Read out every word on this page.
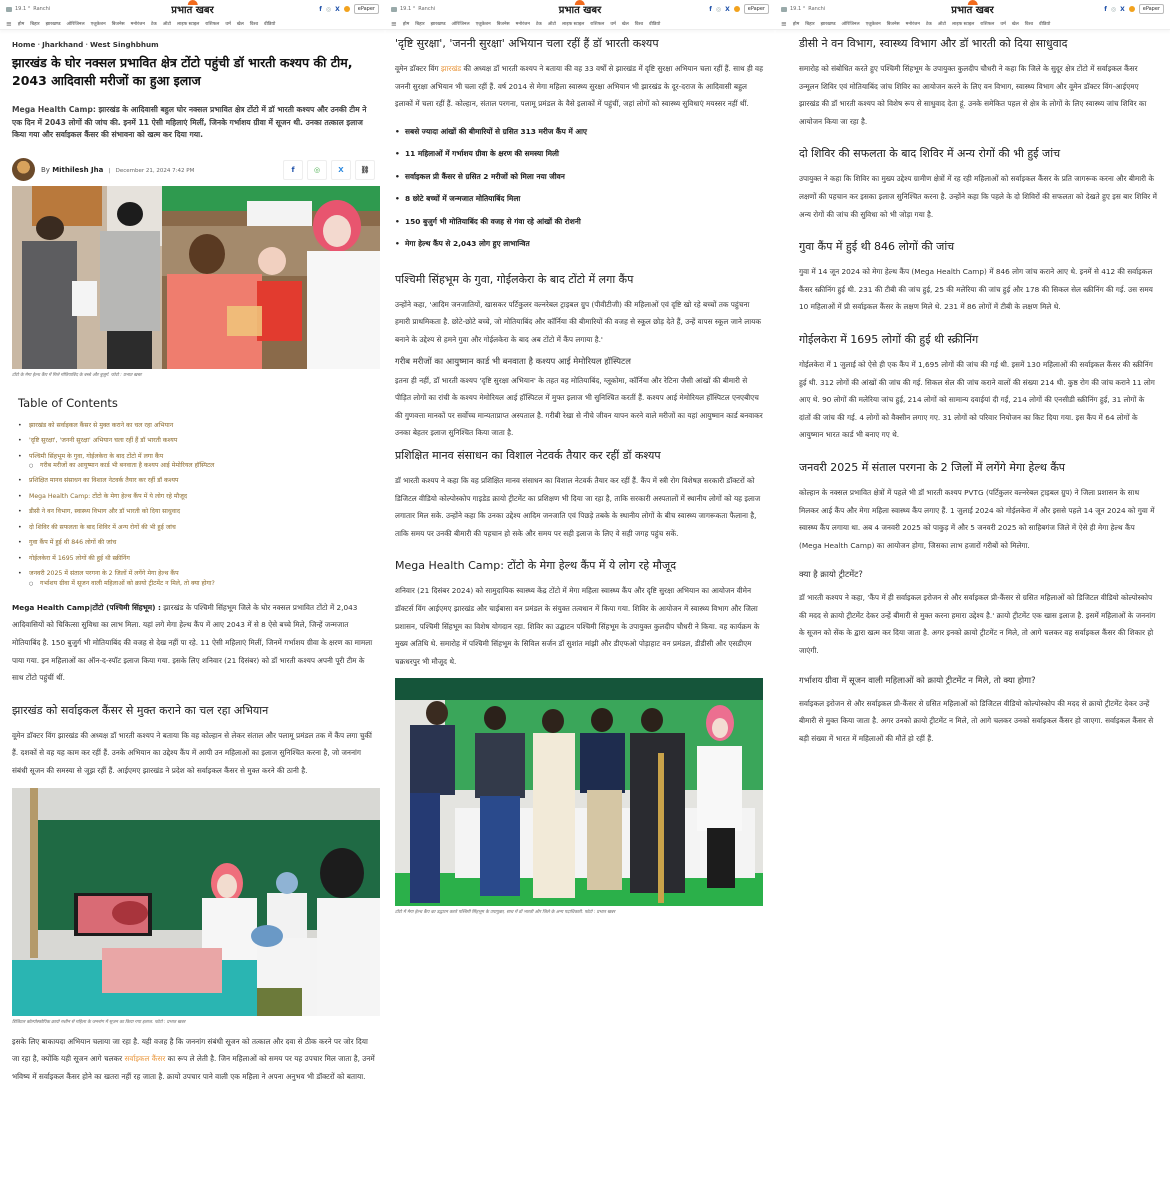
19.1 ° Ranchi	प्रभात खबर	f ◎ X	ePaper
≡ होम बिहार झारखण्ड ओरिजिनल एजुकेशन बिजनेस मनोरंजन टेक ऑटो लाइफ स्टाइल राशिफल धर्म खेल विश्व वीडियो
Home · Jharkhand · West Singhbhum
झारखंड के घोर नक्सल प्रभावित क्षेत्र टोंटो पहुंची डॉ भारती कश्यप की टीम, 2043 आदिवासी मरीजों का हुआ इलाज

Mega Health Camp: झारखंड के आदिवासी बहुल घोर नक्सल प्रभावित क्षेत्र टोंटो में डॉ भारती कश्यप और उनकी टीम ने एक दिन में 2043 लोगों की जांच की. इनमें 11 ऐसी महिलाएं मिलीं, जिनके गर्भाशय ग्रीवा में सूजन थी. उनका तत्काल इलाज किया गया और सर्वाइकल कैंसर की संभावना को खत्म कर दिया गया.

By Mithilesh Jha | December 21, 2024 7:42 PM	f	◎	X ⛓
टोंटो के मेगा हेल्थ कैंप में मिले मोतियाबिंद के बच्चे और बुजुर्ग. फोटो : प्रभात खबर
Table of Contents
• झारखंड को सर्वाइकल कैंसर से मुक्त कराने का चल रहा अभियान
• 'दृष्टि सुरक्षा', 'जननी सुरक्षा' अभियान चला रहीं हैं डॉ भारती कश्यप
• पश्चिमी सिंहभूम के गुवा, गोईलकेरा के बाद टोंटो में लगा कैंप
○ गरीब मरीजों का आयुष्मान कार्ड भी बनवाता है कश्यप आई मेमोरियल हॉस्पिटल
• प्रशिक्षित मानव संसाधन का विशाल नेटवर्क तैयार कर रहीं डॉ कश्यप
• Mega Health Camp: टोंटो के मेगा हेल्थ कैंप में ये लोग रहे मौजूद
• डीसी ने वन विभाग, स्वास्थ्य विभाग और डॉ भारती को दिया साधुवाद
• दो शिविर की सफलता के बाद शिविर में अन्य रोगों की भी हुई जांच
• गुवा कैंप में हुई थी 846 लोगों की जांच
• गोईलकेरा में 1695 लोगों की हुई थी स्क्रीनिंग
• जनवरी 2025 में संताल परगना के 2 जिलों में लगेंगे मेगा हेल्थ कैंप
○ गर्भाशय ग्रीवा में सूजन वाली महिलाओं को क्रायो ट्रीटमेंट न मिले, तो क्या होगा?

Mega Health Camp|टोंटो (पश्चिमी सिंहभूम) : झारखंड के पश्चिमी सिंहभूम जिले के घोर नक्सल प्रभावित टोंटो में 2,043 आदिवासियों को चिकित्सा सुविधा का लाभ मिला. यहां लगे मेगा हेल्थ कैंप में आए 2043 में से 8 ऐसे बच्चे मिले, जिन्हें जन्मजात मोतियाबिंद है. 150 बुजुर्ग भी मोतियाबिंद की वजह से देख नहीं पा रहे. 11 ऐसी महिलाएं मिलीं, जिनमें गर्भाशय ग्रीवा के क्षरण का मामला पाया गया. इन महिलाओं का ऑन-द-स्पॉट इलाज किया गया. इसके लिए शनिवार (21 दिसंबर) को डॉ भारती कश्यप अपनी पूरी टीम के साथ टोंटो पहुंचीं थीं.

झारखंड को सर्वाइकल कैंसर से मुक्त कराने का चल रहा अभियान

वूमेन डॉक्टर विंग झारखंड की अध्यक्ष डॉ भारती कश्यप ने बताया कि वह कोल्हान से लेकर संताल और पलामू प्रमंडल तक में कैंप लगा चुकीं हैं. दशकों से वह यह काम कर रहीं हैं. उनके अभियान का उद्देश्य कैंप में आयी उन महिलाओं का इलाज सुनिश्चित करना है, जो जननांग संबंधी सूजन की समस्या से जूझ रहीं हैं. आईएमए झारखंड ने प्रदेश को सर्वाइकल कैंसर से मुक्त करने की ठानी है.

डिजिटल कोल्पोस्कोपिक क्रायो मशीन से महिला के जननांग में सूजन का किया गया इलाज. फोटो : प्रभात खबर

इसके लिए बाकायदा अभियान चलाया जा रहा है. यही वजह है कि जननांग संबंधी सूजन को तत्काल और दवा से ठीक करने पर जोर दिया जा रहा है, क्योंकि यही सूजन आगे चलकर सर्वाइकल कैंसर का रूप ले लेती है. जिन महिलाओं को समय पर यह उपचार मिल जाता है, उनमें भविष्य में सर्वाइकल कैंसर होने का खतरा नहीं रह जाता है. क्रायो उपचार पाने वाली एक महिला ने अपना अनुभव भी डॉक्टरों को बताया.

19.1 ° Ranchi	प्रभात खबर	f ◎ X	ePaper
≡ होम बिहार झारखण्ड ओरिजिनल एजुकेशन बिजनेस मनोरंजन टेक ऑटो लाइफ स्टाइल राशिफल धर्म खेल विश्व वीडियो
'दृष्टि सुरक्षा', 'जननी सुरक्षा' अभियान चला रहीं हैं डॉ भारती कश्यप

वूमेन डॉक्टर विंग झारखंड की अध्यक्ष डॉ भारती कश्यप ने बताया की वह 33 वर्षों से झारखंड में दृष्टि सुरक्षा अभियान चला रहीं हैं. साथ ही वह जननी सुरक्षा अभियान भी चला रहीं हैं. वर्ष 2014 से मेगा महिला स्वास्थ्य सुरक्षा अभियान भी झारखंड के दूर-दराज के आदिवासी बहुल इलाकों में चला रहीं हैं. कोल्हान, संताल परगना, पलामू प्रमंडल के वैसे इलाकों में पहुंचीं, जहां लोगों को स्वास्थ्य सुविधाएं मयस्सर नहीं थीं.

• सबसे ज्यादा आंखों की बीमारियों से ग्रसित 313 मरीज कैंप में आए
• 11 महिलाओं में गर्भाशय ग्रीवा के क्षरण की समस्या मिली
• सर्वाइकल प्री कैंसर से ग्रसित 2 मरीजों को मिला नया जीवन
• 8 छोटे बच्चों में जन्मजात मोतियाबिंद मिला
• 150 बुजुर्ग भी मोतियाबिंद की वजह से गंवा रहे आंखों की रोशनी
• मेगा हेल्थ कैंप से 2,043 लोग हुए लाभान्वित
पश्चिमी सिंहभूम के गुवा, गोईलकेरा के बाद टोंटो में लगा कैंप

उन्होंने कहा, 'आदिम जनजातियों, खासकर पर्टिकुलर वल्नरेबल ट्राइबल ग्रुप (पीवीटीजी) की महिलाओं एवं दृष्टि खो रहे बच्चों तक पहुंचना हमारी प्राथमिकता है. छोटे-छोटे बच्चे, जो मोतियाबिंद और कॉर्निया की बीमारियों की वजह से स्कूल छोड़ देते हैं, उन्हें वापस स्कूल जाने लायक बनाने के उद्देश्य से हमने गुवा और गोईलकेरा के बाद अब टोंटो में कैंप लगाया है.'

गरीब मरीजों का आयुष्मान कार्ड भी बनवाता है कश्यप आई मेमोरियल हॉस्पिटल

इतना ही नहीं, डॉ भारती कश्यप 'दृष्टि सुरक्षा अभियान' के तहत वह मोतियाबिंद, ग्लूकोमा, कॉर्निया और रेटिना जैसी आंखों की बीमारी से पीड़ित लोगों का रांची के कश्यप मेमोरियल आई हॉस्पिटल में मुफ्त इलाज भी सुनिश्चित करतीं हैं. कश्यप आई मेमोरियल हॉस्पिटल एनएबीएच की गुणवत्ता मानकों पर सर्वोच्च मान्यताप्राप्त अस्पताल है. गरीबी रेखा से नीचे जीवन यापन करने वाले मरीजों का यहां आयुष्मान कार्ड बनवाकर उनका बेहतर इलाज सुनिश्चित किया जाता है.

प्रशिक्षित मानव संसाधन का विशाल नेटवर्क तैयार कर रहीं डॉ कश्यप

डॉ भारती कश्यप ने कहा कि वह प्रशिक्षित मानव संसाधन का विशाल नेटवर्क तैयार कर रहीं हैं. कैंप में स्त्री रोग विशेषज्ञ सरकारी डॉक्टरों को डिजिटल वीडियो कोल्पोस्कोप गाइडेड क्रायो ट्रीटमेंट का प्रशिक्षण भी दिया जा रहा है, ताकि सरकारी अस्पतालों में स्थानीय लोगों को यह इलाज लगातार मिल सके. उन्होंने कहा कि उनका उद्देश्य आदिम जनजाति एवं पिछड़े तबके के स्थानीय लोगों के बीच स्वास्थ्य जागरूकता फैलाना है, ताकि समय पर उनकी बीमारी की पहचान हो सके और समय पर सही इलाज के लिए वे सही जगह पहुंच सकें.

Mega Health Camp: टोंटो के मेगा हेल्थ कैंप में ये लोग रहे मौजूद

शनिवार (21 दिसंबर 2024) को सामुदायिक स्वास्थ्य केंद्र टोंटो में मेगा महिला स्वास्थ्य कैंप और दृष्टि सुरक्षा अभियान का आयोजन वीमेन डॉक्टर्स विंग आईएमए झारखंड और चाईबासा वन प्रमंडल के संयुक्त तत्वधान में किया गया. शिविर के आयोजन में स्वास्थ्य विभाग और जिला प्रशासन, पश्चिमी सिंहभूम का विशेष योगदान रहा. शिविर का उद्घाटन पश्चिमी सिंहभूम के उपायुक्त कुलदीप चौधरी ने किया. वह कार्यक्रम के मुख्य अतिथि थे. समारोह में पश्चिमी सिंहभूम के सिविल सर्जन डॉ सुशांत मांझी और डीएफओ पोड़ाहाट वन प्रमंडल, डीडीसी और एसडीएम चक्रधरपुर भी मौजूद थे.

टोंटो में मेगा हेल्थ कैंप का उद्घाटन करते पश्चिमी सिंहभूम के उपायुक्त, साथ में डॉ भारती और जिले के अन्य पदाधिकारी. फोटो : प्रभात खबर
19.1 ° Ranchi	प्रभात खबर	f ◎ X	ePaper
≡ होम बिहार झारखण्ड ओरिजिनल एजुकेशन बिजनेस मनोरंजन टेक ऑटो लाइफ स्टाइल राशिफल धर्म खेल विश्व वीडियो
डीसी ने वन विभाग, स्वास्थ्य विभाग और डॉ भारती को दिया साधुवाद

समारोह को संबोधित करते हुए पश्चिमी सिंहभूम के उपायुक्त कुलदीप चौधरी ने कहा कि जिले के सुदूर क्षेत्र टोंटो में सर्वाइकल कैंसर उन्मूलन शिविर एवं मोतियाबिंद जांच शिविर का आयोजन करने के लिए वन विभाग, स्वास्थ्य विभाग और वूमेन डॉक्टर विंग-आईएमए झारखंड की डॉ भारती कश्यप को विशेष रूप से साधुवाद देता हूं. उनके समेकित पहल से क्षेत्र के लोगों के लिए स्वास्थ्य जांच शिविर का आयोजन किया जा रहा है.

दो शिविर की सफलता के बाद शिविर में अन्य रोगों की भी हुई जांच

उपायुक्त ने कहा कि शिविर का मुख्य उद्देश्य ग्रामीण क्षेत्रों में रह रही महिलाओं को सर्वाइकल कैंसर के प्रति जागरूक करना और बीमारी के लक्षणों की पहचान कर इसका इलाज सुनिश्चित करना है. उन्होंने कहा कि पहले के दो शिविरों की सफलता को देखते हुए इस बार शिविर में अन्य रोगों की जांच की सुविधा को भी जोड़ा गया है.

गुवा कैंप में हुई थी 846 लोगों की जांच

गुवा में 14 जून 2024 को मेगा हेल्थ कैंप (Mega Health Camp) में 846 लोग जांच कराने आए थे. इनमें से 412 की सर्वाइकल कैंसर स्क्रीनिंग हुई थी. 231 की टीबी की जांच हुई, 25 की मलेरिया की जांच हुई और 178 की सिकल सेल स्क्रीनिंग की गई. उस समय 10 महिलाओं में प्री सर्वाइकल कैंसर के लक्षण मिले थे. 231 में 86 लोगों में टीबी के लक्षण मिले थे.

गोईलकेरा में 1695 लोगों की हुई थी स्क्रीनिंग

गोईलकेरा में 1 जुलाई को ऐसे ही एक कैंप में 1,695 लोगों की जांच की गई थी. इसमें 130 महिलाओं की सर्वाइकल कैंसर की स्क्रीनिंग हुई थी. 312 लोगों की आंखों की जांच की गई. सिकल सेल की जांच कराने वालों की संख्या 214 थी. कुष्ठ रोग की जांच कराने 11 लोग आए थे. 90 लोगों की मलेरिया जांच हुई, 214 लोगों को सामान्य दवाईयां दी गईं, 214 लोगों की एनसीडी स्क्रीनिंग हुई, 31 लोगों के दांतों की जांच की गई. 4 लोगों को वैक्सीन लगाए गए. 31 लोगों को परिवार नियोजन का किट दिया गया. इस कैंप में 64 लोगों के आयुष्मान भारत कार्ड भी बनाए गए थे.

जनवरी 2025 में संताल परगना के 2 जिलों में लगेंगे मेगा हेल्थ कैंप

कोल्हान के नक्सल प्रभावित क्षेत्रों में पहले भी डॉ भारती कश्यप PVTG (पर्टिकुलर वल्नरेबल ट्राइबल ग्रुप) ने जिला प्रशासन के साथ मिलकर आई कैंप और मेगा महिला स्वास्थ्य कैंप लगाए हैं. 1 जुलाई 2024 को गोईलकेरा में और इससे पहले 14 जून 2024 को गुवा में स्वास्थ्य कैंप लगाया था. अब 4 जनवरी 2025 को पाकुड़ में और 5 जनवरी 2025 को साहिबगंज जिले में ऐसे ही मेगा हेल्थ कैंप (Mega Health Camp) का आयोजन होगा, जिसका लाभ हजारों गरीबों को मिलेगा.

क्या है क्रायो ट्रीटमेंट?

डॉ भारती कश्यप ने कहा, 'कैंप में ही सर्वाइकल इरोजन से और सर्वाइकल प्री-कैंसर से ग्रसित महिलाओं को डिजिटल वीडियो कोल्पोस्कोप की मदद से क्रायो ट्रीटमेंट देकर उन्हें बीमारी से मुक्त करना हमारा उद्देश्य है.' क्रायो ट्रीटमेंट एक खास इलाज है. इसमें महिलाओं के जननांग के सूजन को सेंक के द्वारा खत्म कर दिया जाता है. अगर इनको क्रायो ट्रीटमेंट न मिले, तो आगे चलकर वह सर्वाइकल कैंसर की शिकार हो जाएंगी.

गर्भाशय ग्रीवा में सूजन वाली महिलाओं को क्रायो ट्रीटमेंट न मिले, तो क्या होगा?

सर्वाइकल इरोजन से और सर्वाइकल प्री-कैंसर से ग्रसित महिलाओं को डिजिटल वीडियो कोल्पोस्कोप की मदद से क्रायो ट्रीटमेंट देकर उन्हें बीमारी से मुक्त किया जाता है. अगर उनको क्रायो ट्रीटमेंट न मिले, तो आगे चलकर उनको सर्वाइकल कैंसर हो जाएगा. सर्वाइकल कैंसर से बड़ी संख्या में भारत में महिलाओं की मौतें हो रहीं हैं.
